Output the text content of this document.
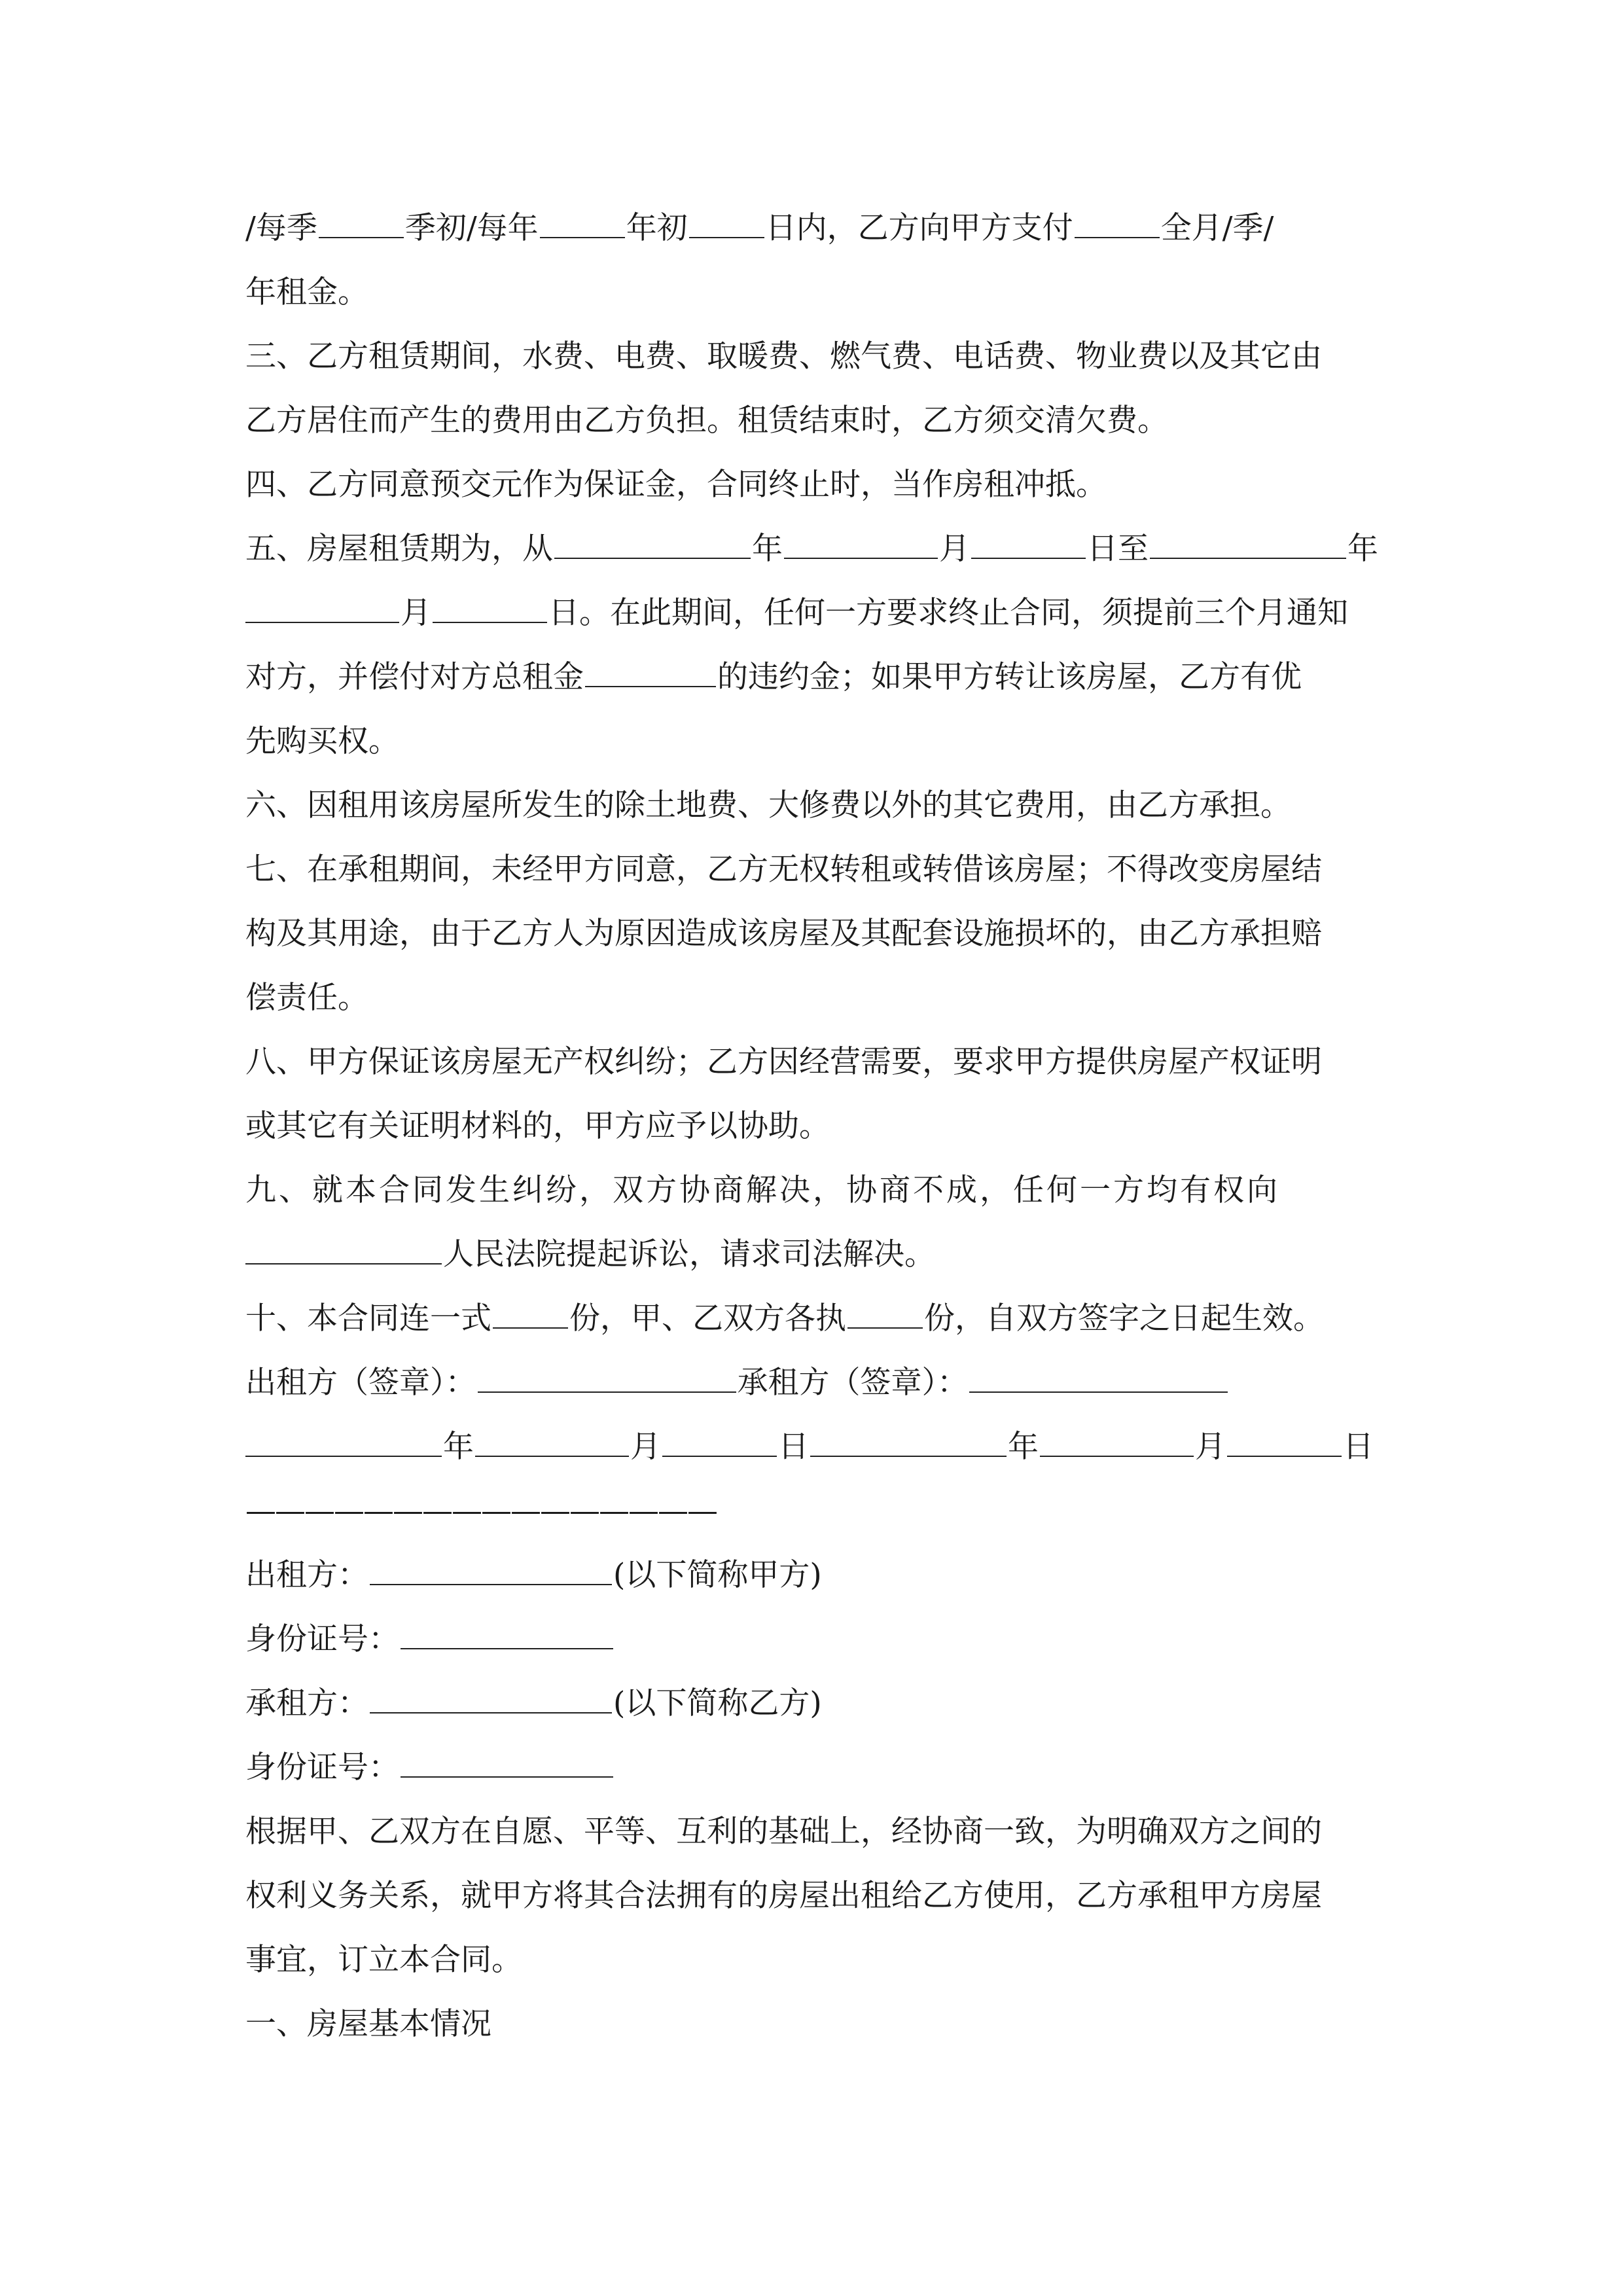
/每季	季初/每年	年初	日内，乙方向甲方支付	全月/季/
年租金。
三、乙方租赁期间，水费、电费、取暖费、燃气费、电话费、物业费以及其它由
乙方居住而产生的费用由乙方负担。租赁结束时，乙方须交清欠费。
四、乙方同意预交元作为保证金，合同终止时，当作房租冲抵。
五、房屋租赁期为，从	年	月	日至	年
月	日。在此期间，任何一方要求终止合同，须提前三个月通知
对方，并偿付对方总租金	的违约金；如果甲方转让该房屋，乙方有优
先购买权。
六、因租用该房屋所发生的除土地费、大修费以外的其它费用，由乙方承担。
七、在承租期间，未经甲方同意，乙方无权转租或转借该房屋；不得改变房屋结
构及其用途，由于乙方人为原因造成该房屋及其配套设施损坏的，由乙方承担赔
偿责任。
八、甲方保证该房屋无产权纠纷；乙方因经营需要，要求甲方提供房屋产权证明
或其它有关证明材料的，甲方应予以协助。
九、就本合同发生纠纷，双方协商解决，协商不成，任何一方均有权向
人民法院提起诉讼，请求司法解决。
十、本合同连一式	份，甲、乙双方各执	份，自双方签字之日起生效。
出租方（签章）：	承租方（签章）：
年	月	日	年	月	日
————————————————
出租方：	(以下简称甲方)
身份证号：
承租方：	(以下简称乙方)
身份证号：
根据甲、乙双方在自愿、平等、互利的基础上，经协商一致，为明确双方之间的
权利义务关系，就甲方将其合法拥有的房屋出租给乙方使用，乙方承租甲方房屋
事宜，订立本合同。
一、房屋基本情况
